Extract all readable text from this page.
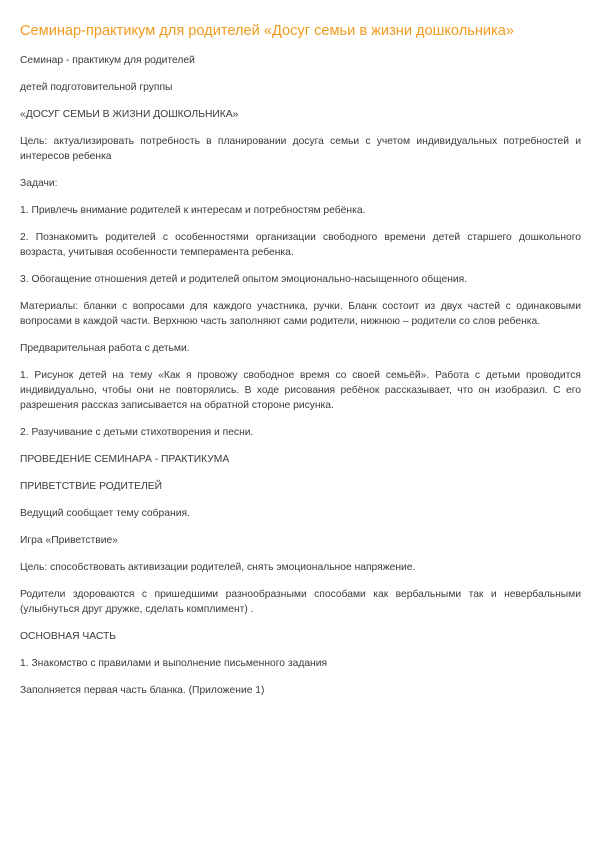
Семинар-практикум для родителей «Досуг семьи в жизни дошкольника»

Семинар - практикум для родителей

детей подготовительной группы

«ДОСУГ СЕМЬИ В ЖИЗНИ ДОШКОЛЬНИКА»

Цель: актуализировать потребность в планировании досуга семьи с учетом индивидуальных потребностей и интересов ребенка

Задачи:

1. Привлечь внимание родителей к интересам и потребностям ребёнка.

2. Познакомить родителей с особенностями организации свободного времени детей старшего дошкольного возраста, учитывая особенности темперамента ребенка.

3. Обогащение отношения детей и родителей опытом эмоционально-насыщенного общения.

Материалы: бланки с вопросами для каждого участника, ручки. Бланк состоит из двух частей с одинаковыми вопросами в каждой части. Верхнюю часть заполняют сами родители, нижнюю – родители со слов ребенка.

Предварительная работа с детьми.

1. Рисунок детей на тему «Как я провожу свободное время со своей семьёй». Работа с детьми проводится индивидуально, чтобы они не повторялись. В ходе рисования ребёнок рассказывает, что он изобразил. С его разрешения рассказ записывается на обратной стороне рисунка.

2. Разучивание с детьми стихотворения и песни.

ПРОВЕДЕНИЕ СЕМИНАРА - ПРАКТИКУМА

ПРИВЕТСТВИЕ РОДИТЕЛЕЙ

Ведущий сообщает тему собрания.

Игра «Приветствие»

Цель: способствовать активизации родителей, снять эмоциональное напряжение.

Родители здороваются с пришедшими разнообразными способами как вербальными так и невербальными (улыбнуться друг дружке, сделать комплимент) .

ОСНОВНАЯ ЧАСТЬ

1. Знакомство с правилами и выполнение письменного задания

Заполняется первая часть бланка. (Приложение 1)
